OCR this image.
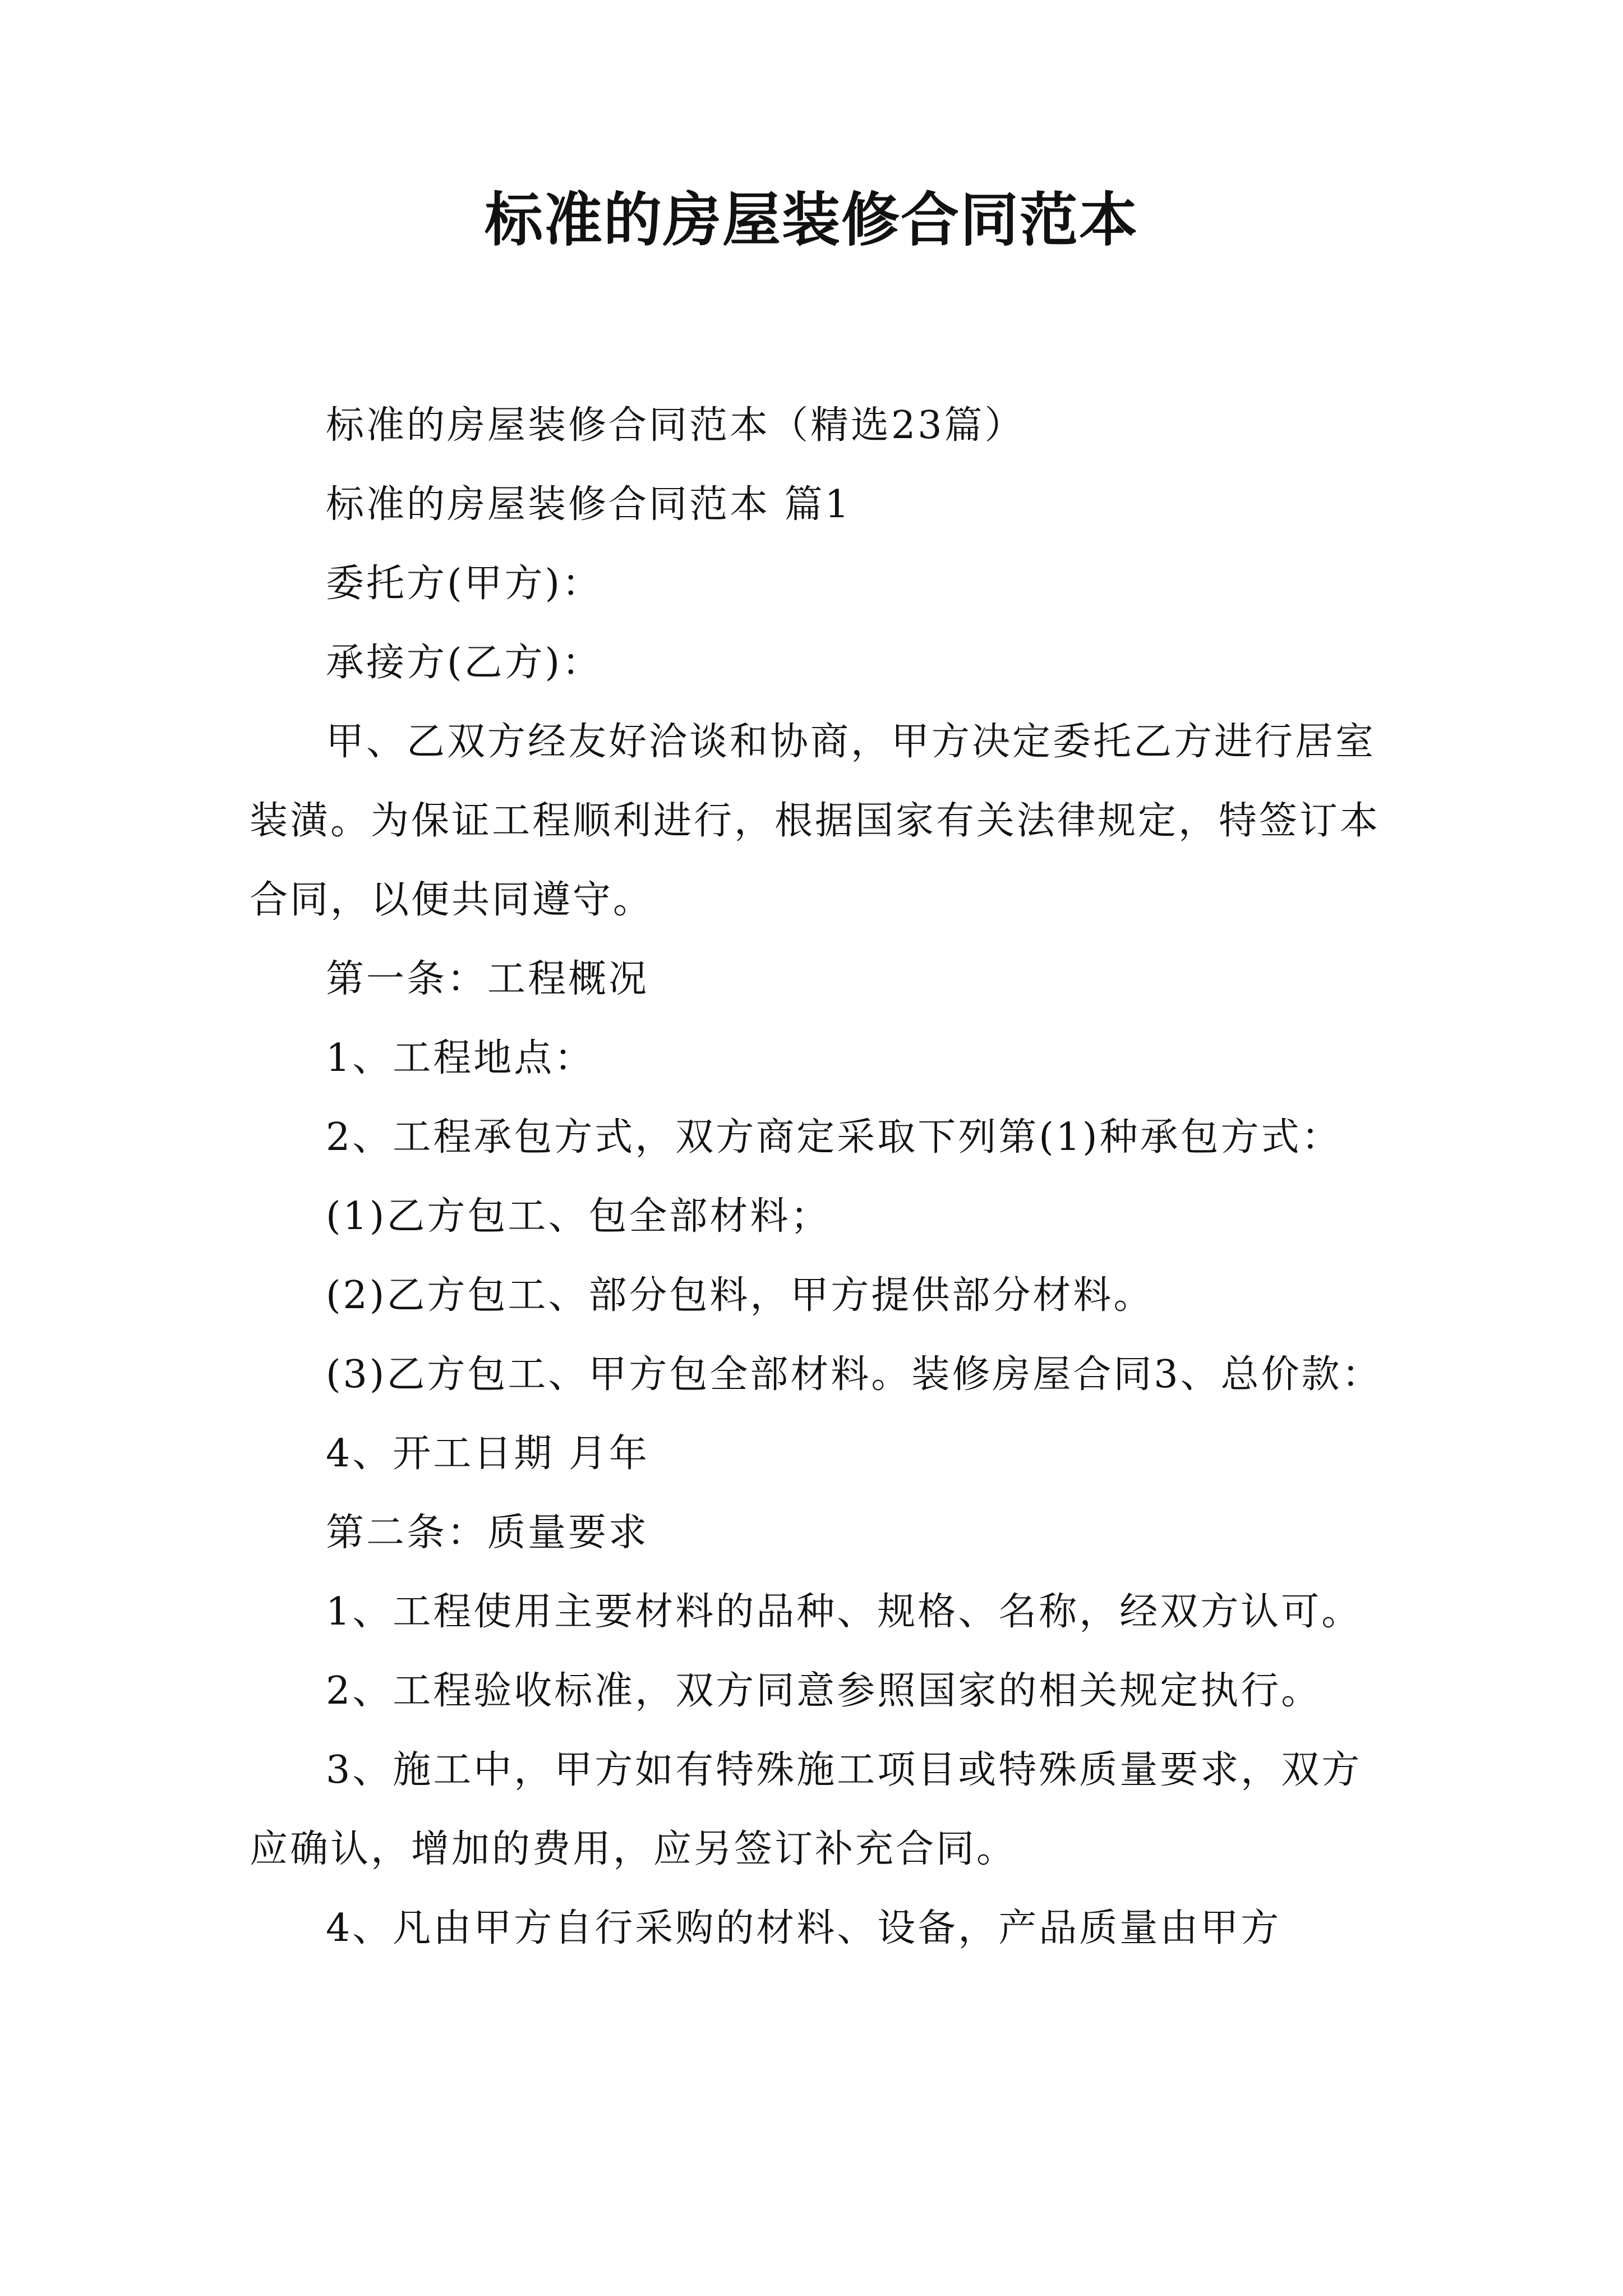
标准的房屋装修合同范本

标准的房屋装修合同范本（精选23篇）

标准的房屋装修合同范本 篇1

委托方(甲方)：

承接方(乙方)：

甲、乙双方经友好洽谈和协商，甲方决定委托乙方进行居室装潢。为保证工程顺利进行，根据国家有关法律规定，特签订本合同，以便共同遵守。

第一条：工程概况

1、工程地点：

2、工程承包方式，双方商定采取下列第(1)种承包方式：

(1)乙方包工、包全部材料；

(2)乙方包工、部分包料，甲方提供部分材料。

(3)乙方包工、甲方包全部材料。装修房屋合同3、总价款：

4、开工日期 月年

第二条：质量要求

1、工程使用主要材料的品种、规格、名称，经双方认可。

2、工程验收标准，双方同意参照国家的相关规定执行。

3、施工中，甲方如有特殊施工项目或特殊质量要求，双方应确认，增加的费用，应另签订补充合同。

4、凡由甲方自行采购的材料、设备，产品质量由甲方
